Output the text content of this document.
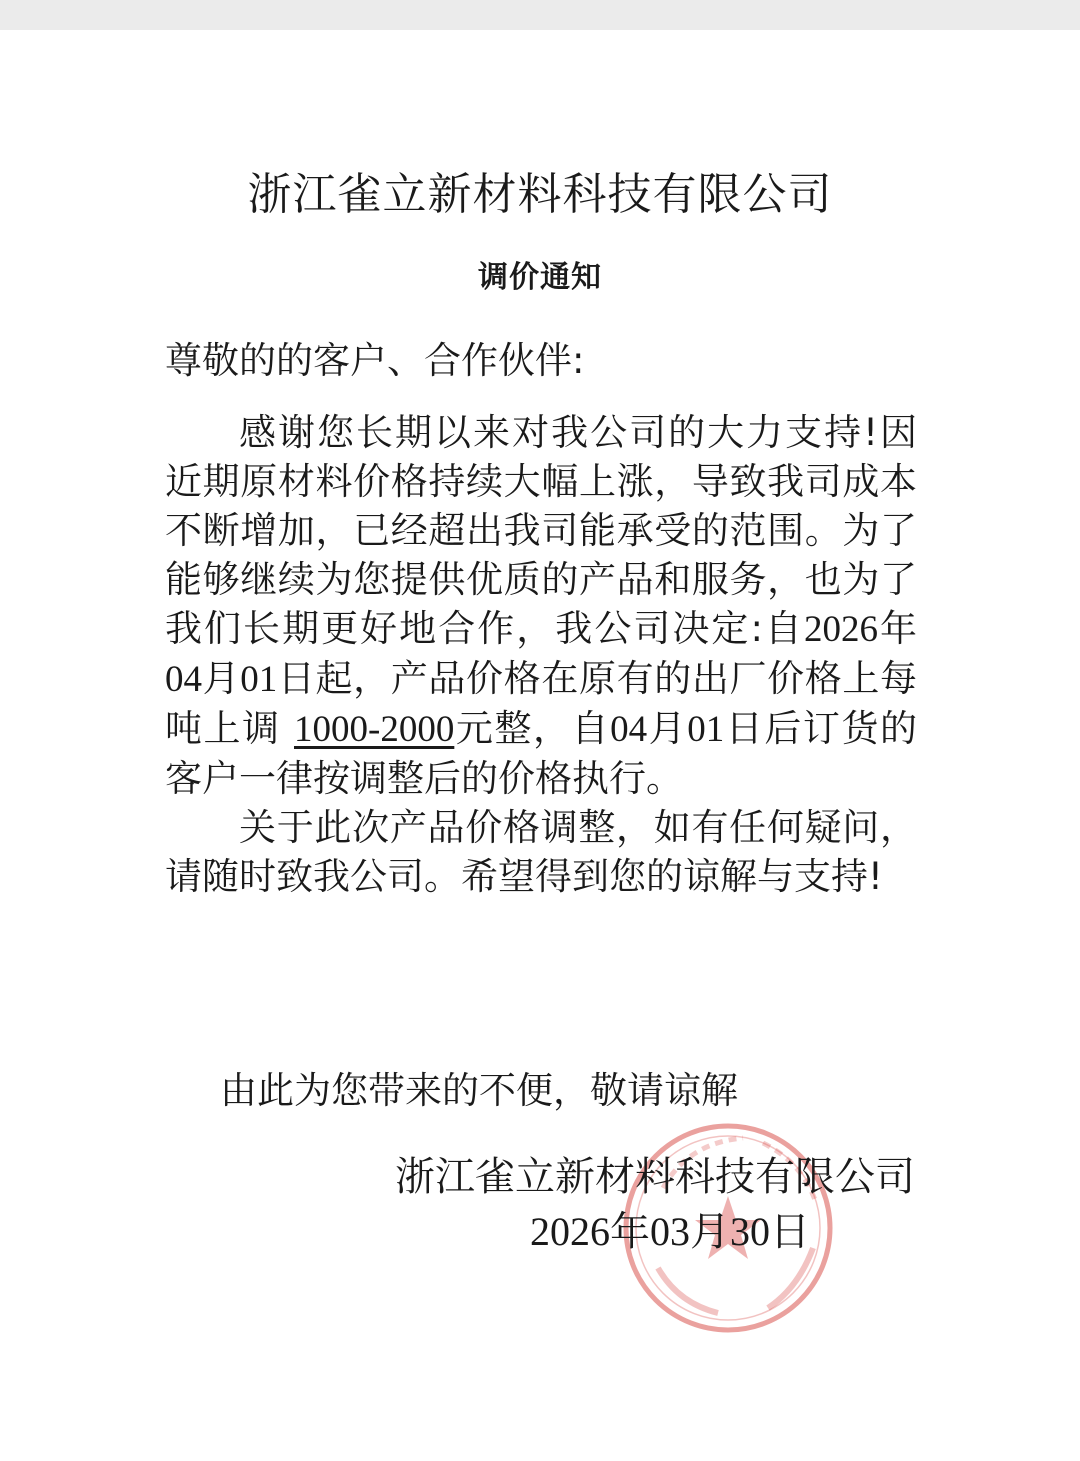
浙江雀立新材料科技有限公司
调价通知
尊敬的的客户、合作伙伴:

感谢您长期以来对我公司的大力支持!因近期原材料价格持续大幅上涨，导致我司成本不断增加，已经超出我司能承受的范围。为了能够继续为您提供优质的产品和服务，也为了我们长期更好地合作，我公司决定:自2026年04月01日起，产品价格在原有的出厂价格上每吨上调 1000-2000元整，自04月01日后订货的客户一律按调整后的价格执行。

关于此次产品价格调整，如有任何疑问，请随时致我公司。希望得到您的谅解与支持!

由此为您带来的不便，敬请谅解
浙江雀立新材料科技有限公司
2026年03月30日
